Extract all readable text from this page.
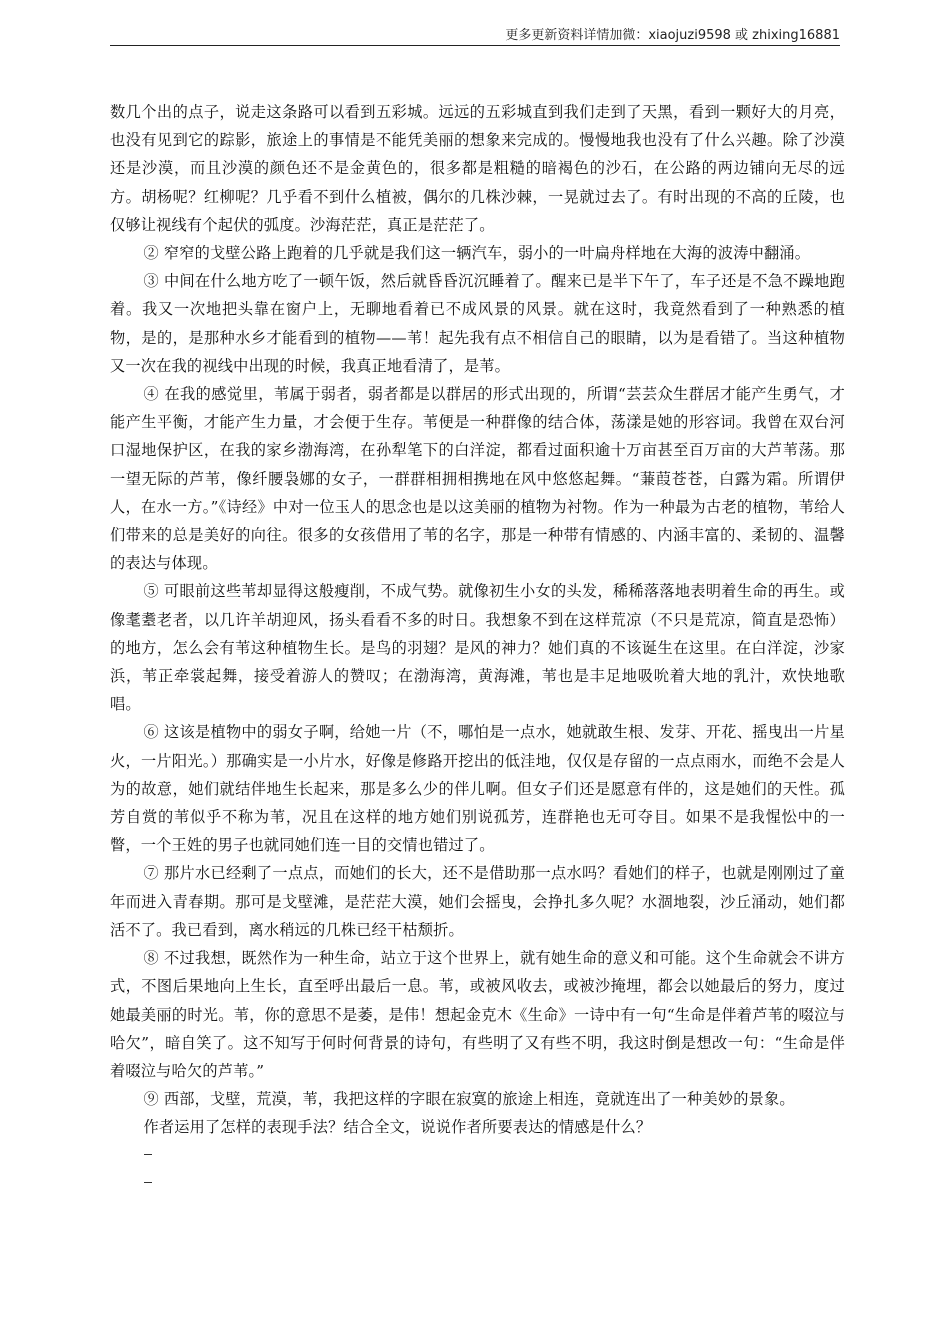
更多更新资料详情加微：xiaojuzi9598 或 zhixing16881

数几个出的点子，说走这条路可以看到五彩城。远远的五彩城直到我们走到了天黑，看到一颗好大的月亮，也没有见到它的踪影，旅途上的事情是不能凭美丽的想象来完成的。慢慢地我也没有了什么兴趣。除了沙漠还是沙漠，而且沙漠的颜色还不是金黄色的，很多都是粗糙的暗褐色的沙石，在公路的两边铺向无尽的远方。胡杨呢？红柳呢？几乎看不到什么植被，偶尔的几株沙棘，一晃就过去了。有时出现的不高的丘陵，也仅够让视线有个起伏的弧度。沙海茫茫，真正是茫茫了。

② 窄窄的戈壁公路上跑着的几乎就是我们这一辆汽车，弱小的一叶扁舟样地在大海的波涛中翻涌。

③ 中间在什么地方吃了一顿午饭，然后就昏昏沉沉睡着了。醒来已是半下午了，车子还是不急不躁地跑着。我又一次地把头靠在窗户上，无聊地看着已不成风景的风景。就在这时，我竟然看到了一种熟悉的植物，是的，是那种水乡才能看到的植物——苇！起先我有点不相信自己的眼睛，以为是看错了。当这种植物又一次在我的视线中出现的时候，我真正地看清了，是苇。

④ 在我的感觉里，苇属于弱者，弱者都是以群居的形式出现的，所谓“芸芸众生群居才能产生勇气，才能产生平衡，才能产生力量，才会便于生存。苇便是一种群像的结合体，荡漾是她的形容词。我曾在双台河口湿地保护区，在我的家乡渤海湾，在孙犁笔下的白洋淀，都看过面积逾十万亩甚至百万亩的大芦苇荡。那一望无际的芦苇，像纤腰袅娜的女子，一群群相拥相携地在风中悠悠起舞。“蒹葭苍苍，白露为霜。所谓伊人，在水一方。”《诗经》中对一位玉人的思念也是以这美丽的植物为衬物。作为一种最为古老的植物，苇给人们带来的总是美好的向往。很多的女孩借用了苇的名字，那是一种带有情感的、内涵丰富的、柔韧的、温馨的表达与体现。

⑤ 可眼前这些苇却显得这般瘦削，不成气势。就像初生小女的头发，稀稀落落地表明着生命的再生。或像耄耋老者，以几许羊胡迎风，扬头看看不多的时日。我想象不到在这样荒凉（不只是荒凉，简直是恐怖）的地方，怎么会有苇这种植物生长。是鸟的羽翅？是风的神力？她们真的不该诞生在这里。在白洋淀，沙家浜，苇正牵裳起舞，接受着游人的赞叹；在渤海湾，黄海滩，苇也是丰足地吸吮着大地的乳汁，欢快地歌唱。

⑥ 这该是植物中的弱女子啊，给她一片（不，哪怕是一点水，她就敢生根、发芽、开花、摇曳出一片星火，一片阳光。）那确实是一小片水，好像是修路开挖出的低洼地，仅仅是存留的一点点雨水，而绝不会是人为的故意，她们就结伴地生长起来，那是多么少的伴儿啊。但女子们还是愿意有伴的，这是她们的天性。孤芳自赏的苇似乎不称为苇，况且在这样的地方她们别说孤芳，连群艳也无可夺目。如果不是我惺忪中的一瞥，一个王姓的男子也就同她们连一目的交情也错过了。

⑦ 那片水已经剩了一点点，而她们的长大，还不是借助那一点水吗？看她们的样子，也就是刚刚过了童年而进入青春期。那可是戈壁滩，是茫茫大漠，她们会摇曳，会挣扎多久呢？水涸地裂，沙丘涌动，她们都活不了。我已看到，离水稍远的几株已经干枯颓折。

⑧ 不过我想，既然作为一种生命，站立于这个世界上，就有她生命的意义和可能。这个生命就会不讲方式，不图后果地向上生长，直至呼出最后一息。苇，或被风收去，或被沙掩埋，都会以她最后的努力，度过她最美丽的时光。苇，你的意思不是萎，是伟！想起金克木《生命》一诗中有一句“生命是伴着芦苇的啜泣与哈欠”，暗自笑了。这不知写于何时何背景的诗句，有些明了又有些不明，我这时倒是想改一句：“生命是伴着啜泣与哈欠的芦苇。”

⑨ 西部，戈壁，荒漠，苇，我把这样的字眼在寂寞的旅途上相连，竟就连出了一种美妙的景象。

作者运用了怎样的表现手法？结合全文，说说作者所要表达的情感是什么？
